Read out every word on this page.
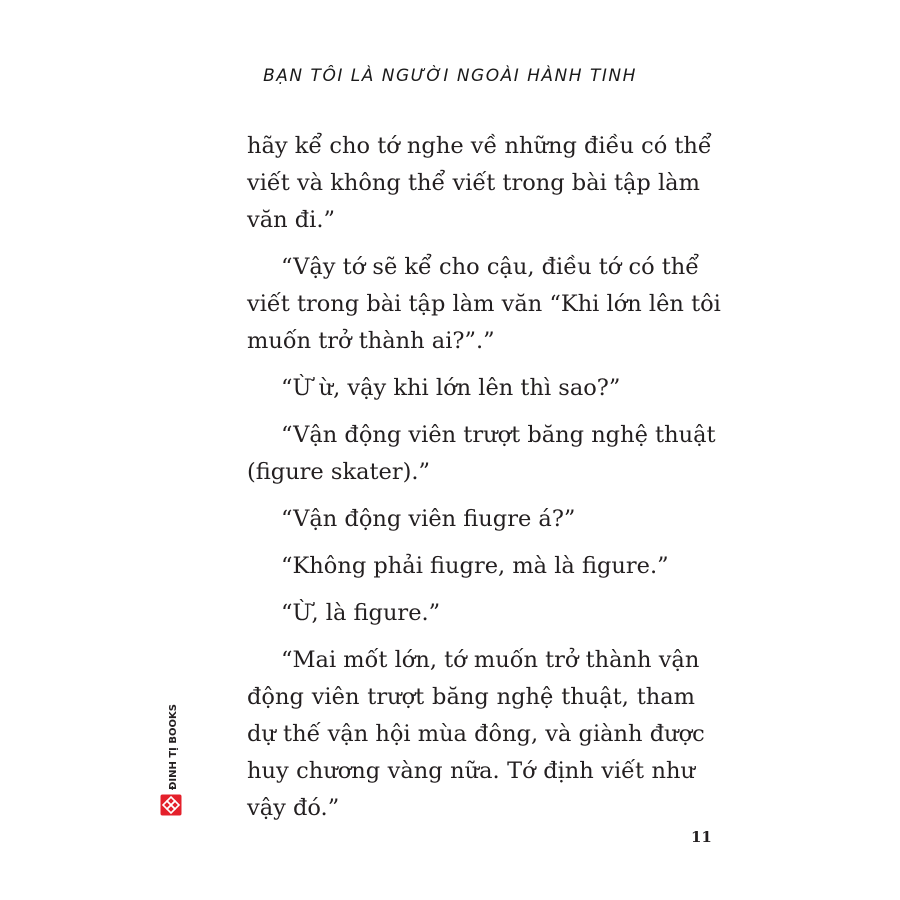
BẠN TÔI LÀ NGƯỜI NGOÀI HÀNH TINH

hãy kể cho tớ nghe về những điều có thể
viết và không thể viết trong bài tập làm
văn đi.”

“Vậy tớ sẽ kể cho cậu, điều tớ có thể
viết trong bài tập làm văn “Khi lớn lên tôi
muốn trở thành ai?”.”

“Ừ ừ, vậy khi lớn lên thì sao?”

“Vận động viên trượt băng nghệ thuật
(figure skater).”

“Vận động viên fiugre á?”

“Không phải fiugre, mà là figure.”

“Ừ, là figure.”

“Mai mốt lớn, tớ muốn trở thành vận
động viên trượt băng nghệ thuật, tham
dự thế vận hội mùa đông, và giành được
huy chương vàng nữa. Tớ định viết như
vậy đó.”

ĐINH TỊ BOOKS
11
